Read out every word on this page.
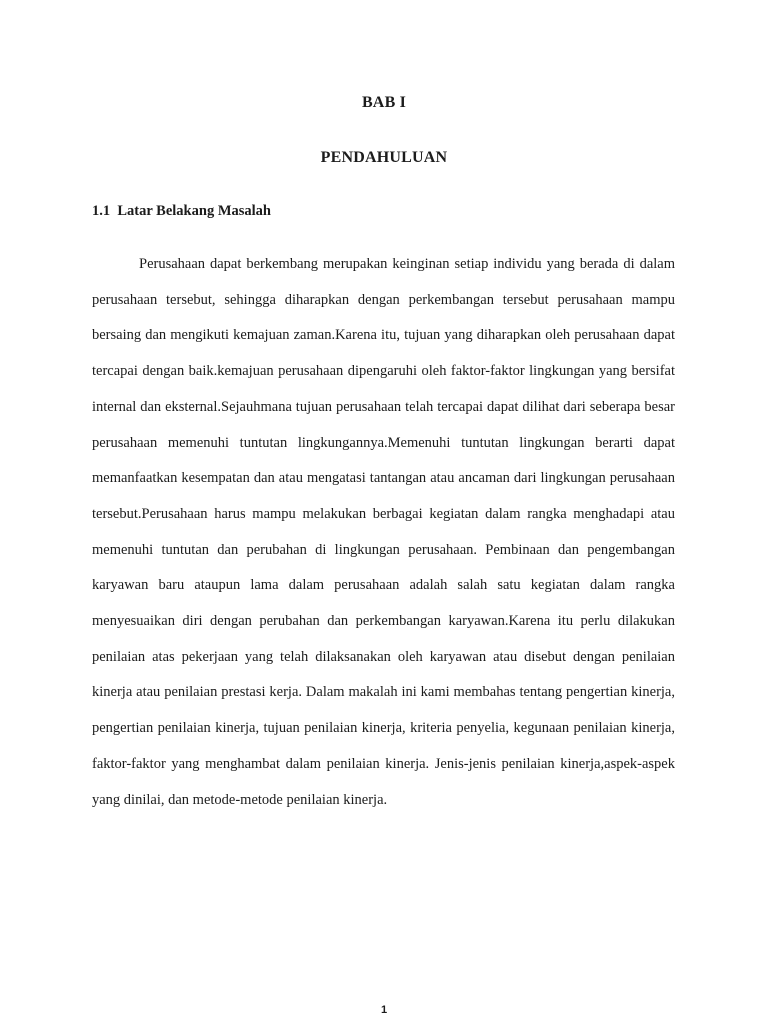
BAB I
PENDAHULUAN
1.1  Latar Belakang Masalah

Perusahaan dapat berkembang merupakan keinginan setiap individu yang berada di dalam perusahaan tersebut, sehingga diharapkan dengan perkembangan tersebut perusahaan mampu bersaing dan mengikuti kemajuan zaman.Karena itu, tujuan yang diharapkan oleh perusahaan dapat tercapai dengan baik.kemajuan perusahaan dipengaruhi oleh faktor-faktor lingkungan yang bersifat internal dan eksternal.Sejauhmana tujuan perusahaan telah tercapai dapat dilihat dari seberapa besar perusahaan memenuhi tuntutan lingkungannya.Memenuhi tuntutan lingkungan berarti dapat memanfaatkan kesempatan dan atau mengatasi tantangan atau ancaman dari lingkungan perusahaan tersebut.Perusahaan harus mampu melakukan berbagai kegiatan dalam rangka menghadapi atau memenuhi tuntutan dan perubahan di lingkungan perusahaan. Pembinaan dan pengembangan karyawan baru ataupun lama dalam perusahaan adalah salah satu kegiatan dalam rangka menyesuaikan diri dengan perubahan dan perkembangan karyawan.Karena itu perlu dilakukan penilaian atas pekerjaan yang telah dilaksanakan oleh karyawan atau disebut dengan penilaian kinerja atau penilaian prestasi kerja. Dalam makalah ini kami membahas tentang pengertian kinerja, pengertian penilaian kinerja, tujuan penilaian kinerja, kriteria penyelia, kegunaan penilaian kinerja, faktor-faktor yang menghambat dalam penilaian kinerja. Jenis-jenis penilaian kinerja,aspek-aspek yang dinilai, dan metode-metode penilaian kinerja.

1
